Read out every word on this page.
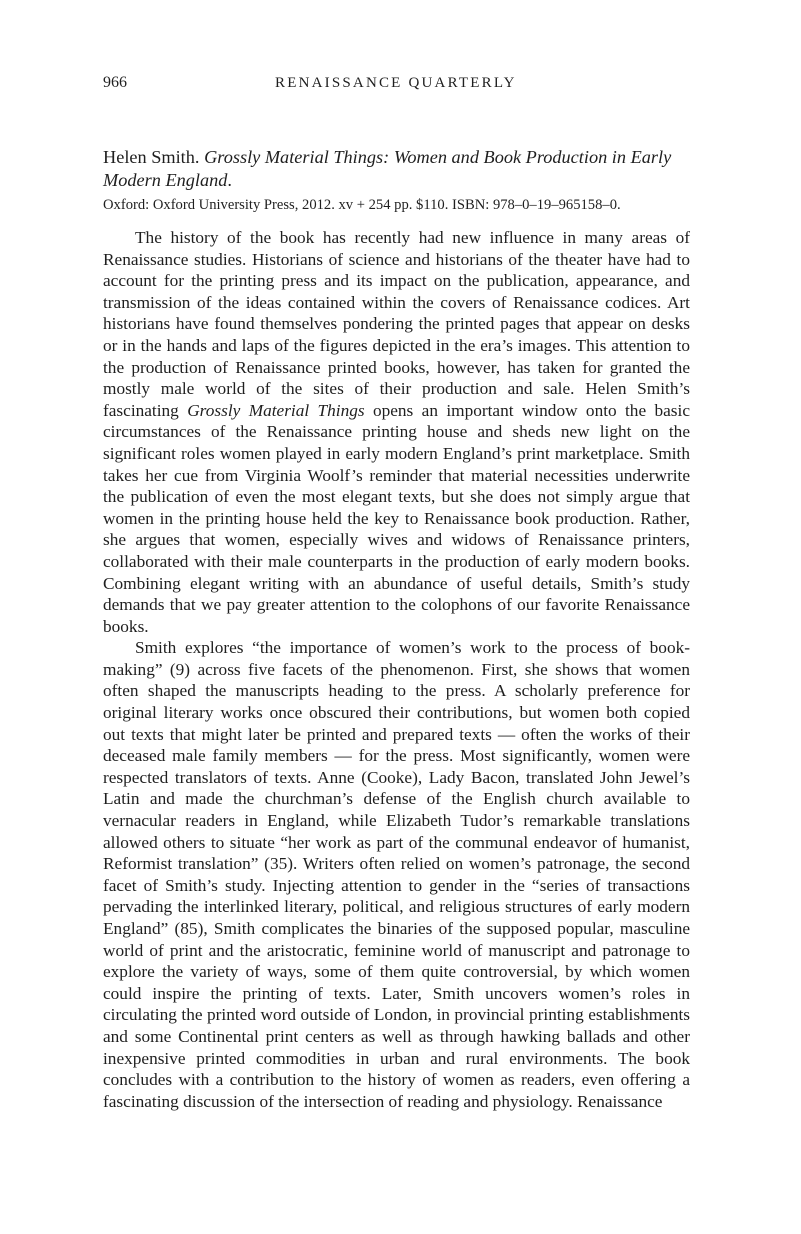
966	RENAISSANCE QUARTERLY

Helen Smith. Grossly Material Things: Women and Book Production in Early Modern England.

Oxford: Oxford University Press, 2012. xv + 254 pp. $110. ISBN: 978–0–19–965158–0.

The history of the book has recently had new influence in many areas of Renaissance studies. Historians of science and historians of the theater have had to account for the printing press and its impact on the publication, appearance, and transmission of the ideas contained within the covers of Renaissance codices. Art historians have found themselves pondering the printed pages that appear on desks or in the hands and laps of the figures depicted in the era’s images. This attention to the production of Renaissance printed books, however, has taken for granted the mostly male world of the sites of their production and sale. Helen Smith’s fascinating Grossly Material Things opens an important window onto the basic circumstances of the Renaissance printing house and sheds new light on the significant roles women played in early modern England’s print marketplace. Smith takes her cue from Virginia Woolf’s reminder that material necessities underwrite the publication of even the most elegant texts, but she does not simply argue that women in the printing house held the key to Renaissance book production. Rather, she argues that women, especially wives and widows of Renaissance printers, collaborated with their male counterparts in the production of early modern books. Combining elegant writing with an abundance of useful details, Smith’s study demands that we pay greater attention to the colophons of our favorite Renaissance books.

Smith explores “the importance of women’s work to the process of book-making” (9) across five facets of the phenomenon. First, she shows that women often shaped the manuscripts heading to the press. A scholarly preference for original literary works once obscured their contributions, but women both copied out texts that might later be printed and prepared texts — often the works of their deceased male family members — for the press. Most significantly, women were respected translators of texts. Anne (Cooke), Lady Bacon, translated John Jewel’s Latin and made the churchman’s defense of the English church available to vernacular readers in England, while Elizabeth Tudor’s remarkable translations allowed others to situate “her work as part of the communal endeavor of humanist, Reformist translation” (35). Writers often relied on women’s patronage, the second facet of Smith’s study. Injecting attention to gender in the “series of transactions pervading the interlinked literary, political, and religious structures of early modern England” (85), Smith complicates the binaries of the supposed popular, masculine world of print and the aristocratic, feminine world of manuscript and patronage to explore the variety of ways, some of them quite controversial, by which women could inspire the printing of texts. Later, Smith uncovers women’s roles in circulating the printed word outside of London, in provincial printing establishments and some Continental print centers as well as through hawking ballads and other inexpensive printed commodities in urban and rural environments. The book concludes with a contribution to the history of women as readers, even offering a fascinating discussion of the intersection of reading and physiology. Renaissance
